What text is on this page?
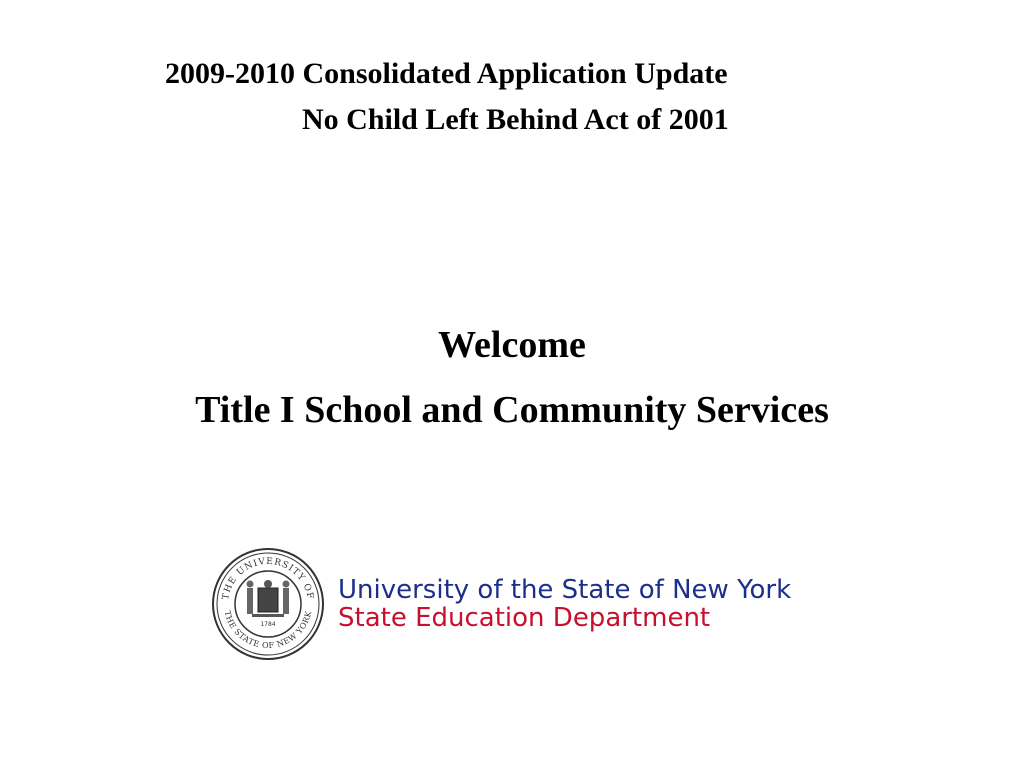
2009-2010 Consolidated Application Update
No Child Left Behind Act of 2001
Welcome
Title I School and Community Services
THE UNIVERSITY OF
THE STATE OF NEW YORK
1784
University of the State of New York
State Education Department
